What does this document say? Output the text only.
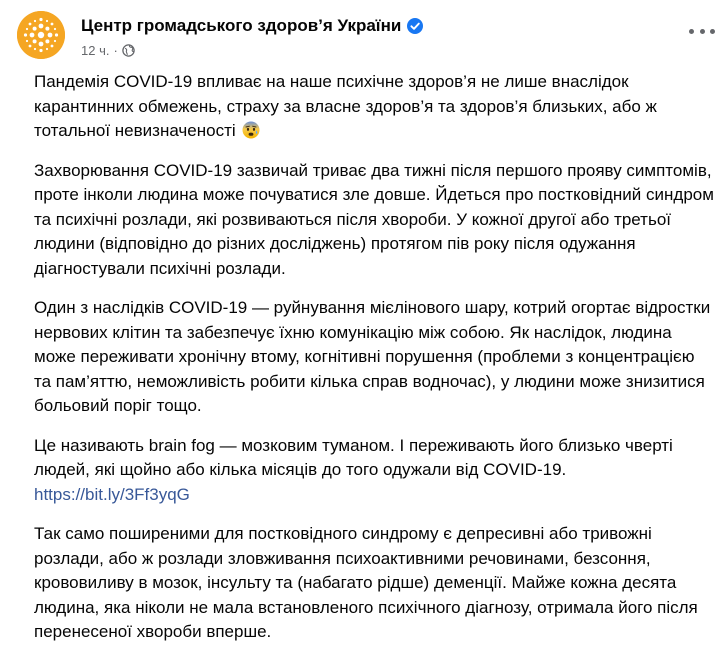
Центр громадського здоров’я України
12 ч. ·

Пандемія COVID-19 впливає на наше психічне здоров’я не лише внаслідок карантинних обмежень, страху за власне здоров’я та здоров’я близьких, або ж тотальної невизначеності

Захворювання COVID-19 зазвичай триває два тижні після першого прояву симптомів, проте інколи людина може почуватися зле довше. Йдеться про постковідний синдром та психічні розлади, які розвиваються після хвороби. У кожної другої або третьої людини (відповідно до різних досліджень) протягом пів року після одужання діагностували психічні розлади.

Один з наслідків COVID-19 — руйнування мієлінового шару, котрий огортає відростки нервових клітин та забезпечує їхню комунікацію між собою. Як наслідок, людина може переживати хронічну втому, когнітивні порушення (проблеми з концентрацією та пам’яттю, неможливість робити кілька справ водночас), у людини може знизитися больовий поріг тощо.

Це називають brain fog — мозковим туманом. І переживають його близько чверті людей, які щойно або кілька місяців до того одужали від COVID-19.
https://bit.ly/3Ff3yqG

Так само поширеними для постковідного синдрому є депресивні або тривожні розлади, або ж розлади зловживання психоактивними речовинами, безсоння, крововиливу в мозок, інсульту та (набагато рідше) деменції. Майже кожна десята людина, яка ніколи не мала встановленого психічного діагнозу, отримала його після перенесеної хвороби вперше.
